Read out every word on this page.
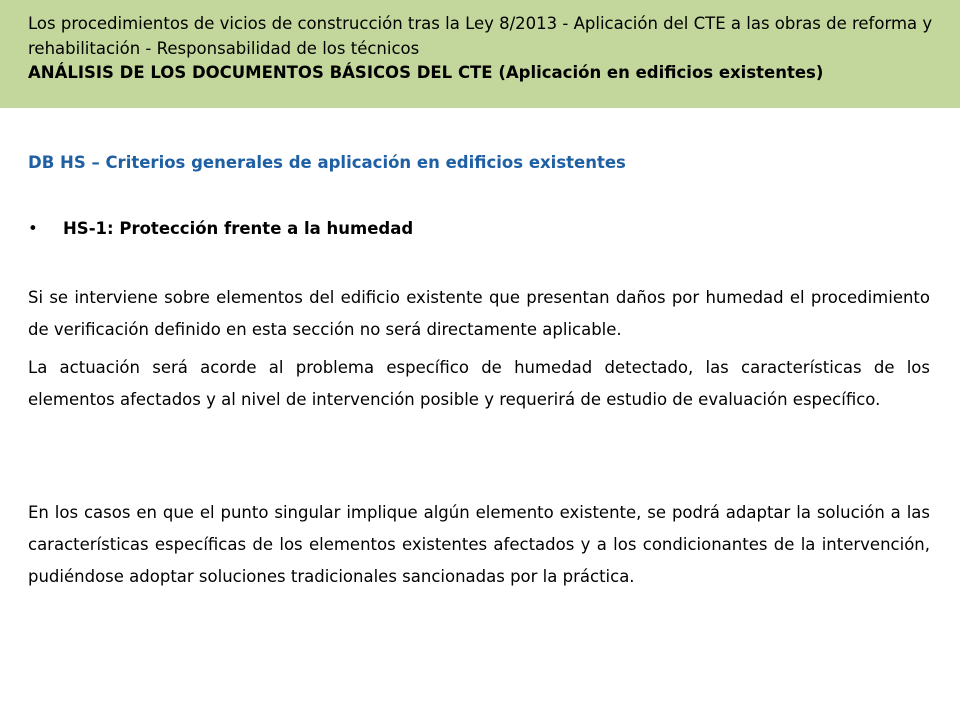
Los procedimientos de vicios de construcción tras la Ley 8/2013 - Aplicación del CTE a las obras de reforma y rehabilitación - Responsabilidad de los técnicos

ANÁLISIS DE LOS DOCUMENTOS BÁSICOS DEL CTE (Aplicación en edificios existentes)

DB HS – Criterios generales de aplicación en edificios existentes

• HS-1: Protección frente a la humedad

Si se interviene sobre elementos del edificio existente que presentan daños por humedad el procedimiento de verificación definido en esta sección no será directamente aplicable.

La actuación será acorde al problema específico de humedad detectado, las características de los elementos afectados y al nivel de intervención posible y requerirá de estudio de evaluación específico.

En los casos en que el punto singular implique algún elemento existente, se podrá adaptar la solución a las características específicas de los elementos existentes afectados y a los condicionantes de la intervención, pudiéndose adoptar soluciones tradicionales sancionadas por la práctica.
